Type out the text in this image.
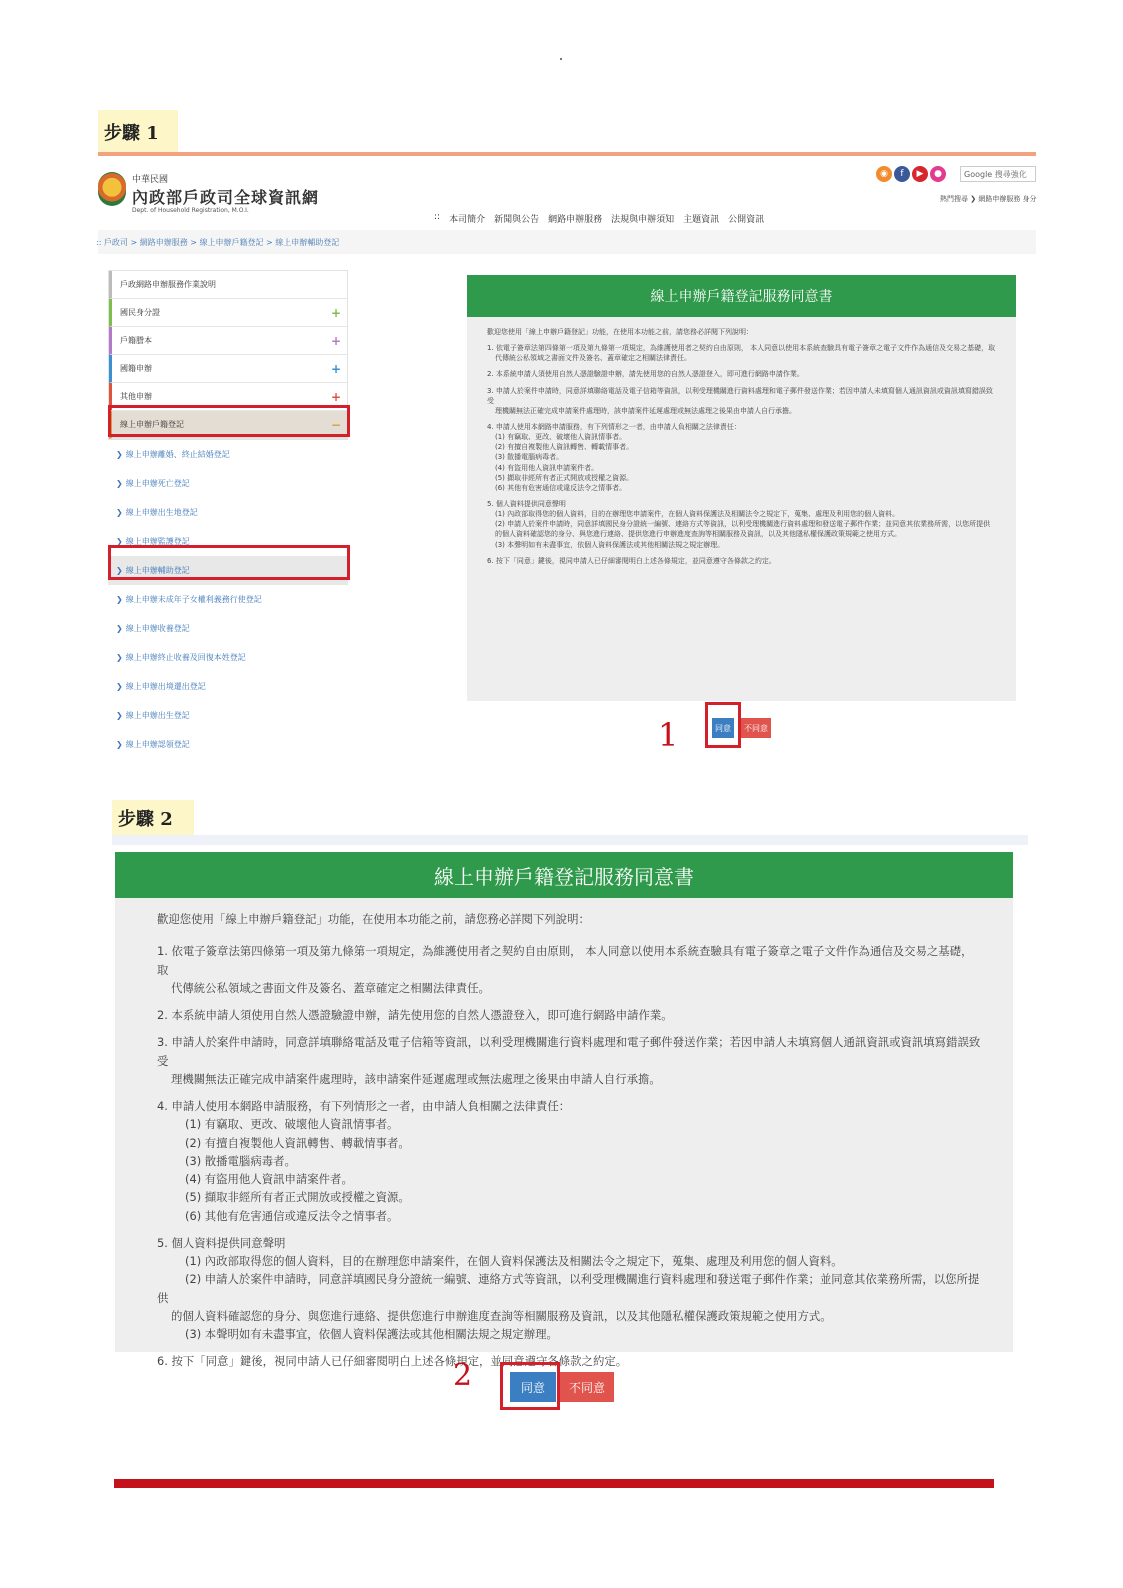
步驟 1
中華民國
內政部戶政司全球資訊網
Dept. of Household Registration, M.O.I.
◉	f	▶	●	Google 搜尋強化
熱門搜尋 ❯ 網路申辦服務 身分
:: 本司簡介 新聞與公告 網路申辦服務 法規與申辦須知 主題資訊 公開資訊
:: 戶政司 > 網路申辦服務 > 線上申辦戶籍登記 > 線上申辦輔助登記
戶政網路申辦服務作業說明
國民身分證	+
戶籍謄本	+
國籍申辦	+
其他申辦	+
線上申辦戶籍登記	−
❯ 線上申辦離婚、終止結婚登記
❯ 線上申辦死亡登記
❯ 線上申辦出生地登記
❯ 線上申辦監護登記
❯ 線上申辦輔助登記
❯ 線上申辦未成年子女權利義務行使登記
❯ 線上申辦收養登記
❯ 線上申辦終止收養及回復本姓登記
❯ 線上申辦出境遷出登記
❯ 線上申辦出生登記
❯ 線上申辦認領登記
線上申辦戶籍登記服務同意書

歡迎您使用「線上申辦戶籍登記」功能，在使用本功能之前，請您務必詳閱下列說明：

1. 依電子簽章法第四條第一項及第九條第一項規定，為維護使用者之契約自由原則， 本人同意以使用本系統查驗具有電子簽章之電子文件作為通信及交易之基礎，取
代傳統公私領域之書面文件及簽名、蓋章確定之相關法律責任。

2. 本系統申請人須使用自然人憑證驗證申辦，請先使用您的自然人憑證登入，即可進行網路申請作業。

3. 申請人於案件申請時，同意詳填聯絡電話及電子信箱等資訊，以利受理機關進行資料處理和電子郵件發送作業；若因申請人未填寫個人通訊資訊或資訊填寫錯誤致受
理機關無法正確完成申請案件處理時，該申請案件延遲處理或無法處理之後果由申請人自行承擔。

4. 申請人使用本網路申請服務，有下列情形之一者，由申請人負相關之法律責任：
(1) 有竊取、更改、破壞他人資訊情事者。
(2) 有擅自複製他人資訊轉售、轉載情事者。
(3) 散播電腦病毒者。
(4) 有盜用他人資訊申請案件者。
(5) 擷取非經所有者正式開放或授權之資源。
(6) 其他有危害通信或違反法令之情事者。

5. 個人資料提供同意聲明
(1) 內政部取得您的個人資料，目的在辦理您申請案件，在個人資料保護法及相關法令之規定下，蒐集、處理及利用您的個人資料。
(2) 申請人於案件申請時，同意詳填國民身分證統一編號、連絡方式等資訊，以利受理機關進行資料處理和發送電子郵件作業；並同意其依業務所需，以您所提供
的個人資料確認您的身分、與您進行連絡、提供您進行申辦進度查詢等相關服務及資訊，以及其他隱私權保護政策規範之使用方式。
(3) 本聲明如有未盡事宜，依個人資料保護法或其他相關法規之規定辦理。

6. 按下「同意」鍵後，視同申請人已仔細審閱明白上述各條規定，並同意遵守各條款之約定。

1	同意	不同意
步驟 2
線上申辦戶籍登記服務同意書

歡迎您使用「線上申辦戶籍登記」功能，在使用本功能之前，請您務必詳閱下列說明：

1. 依電子簽章法第四條第一項及第九條第一項規定，為維護使用者之契約自由原則， 本人同意以使用本系統查驗具有電子簽章之電子文件作為通信及交易之基礎，取
代傳統公私領域之書面文件及簽名、蓋章確定之相關法律責任。

2. 本系統申請人須使用自然人憑證驗證申辦，請先使用您的自然人憑證登入，即可進行網路申請作業。

3. 申請人於案件申請時，同意詳填聯絡電話及電子信箱等資訊，以利受理機關進行資料處理和電子郵件發送作業；若因申請人未填寫個人通訊資訊或資訊填寫錯誤致受
理機關無法正確完成申請案件處理時，該申請案件延遲處理或無法處理之後果由申請人自行承擔。

4. 申請人使用本網路申請服務，有下列情形之一者，由申請人負相關之法律責任：
(1) 有竊取、更改、破壞他人資訊情事者。
(2) 有擅自複製他人資訊轉售、轉載情事者。
(3) 散播電腦病毒者。
(4) 有盜用他人資訊申請案件者。
(5) 擷取非經所有者正式開放或授權之資源。
(6) 其他有危害通信或違反法令之情事者。

5. 個人資料提供同意聲明
(1) 內政部取得您的個人資料，目的在辦理您申請案件，在個人資料保護法及相關法令之規定下，蒐集、處理及利用您的個人資料。
(2) 申請人於案件申請時，同意詳填國民身分證統一編號、連絡方式等資訊，以利受理機關進行資料處理和發送電子郵件作業；並同意其依業務所需，以您所提供
的個人資料確認您的身分、與您進行連絡、提供您進行申辦進度查詢等相關服務及資訊，以及其他隱私權保護政策規範之使用方式。
(3) 本聲明如有未盡事宜，依個人資料保護法或其他相關法規之規定辦理。

6. 按下「同意」鍵後，視同申請人已仔細審閱明白上述各條規定，並同意遵守各條款之約定。

2	同意	不同意
